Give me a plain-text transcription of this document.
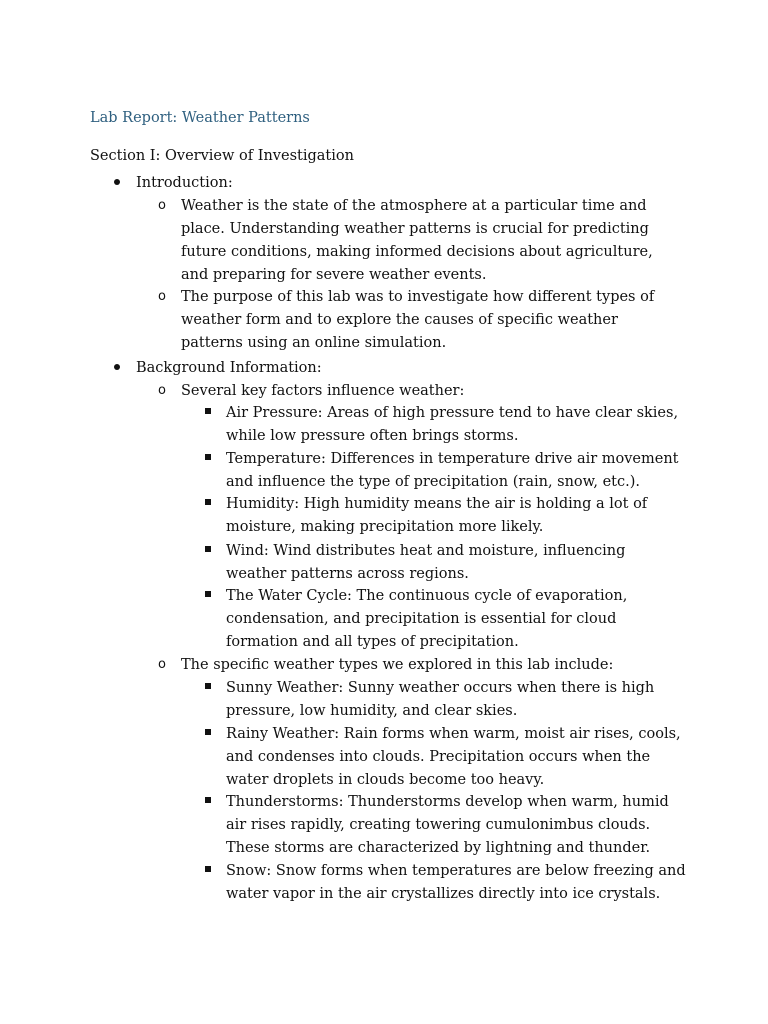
Lab Report: Weather Patterns
Section I: Overview of Investigation
Introduction:
o Weather is the state of the atmosphere at a particular time and place. Understanding weather patterns is crucial for predicting future conditions, making informed decisions about agriculture, and preparing for severe weather events.
o The purpose of this lab was to investigate how different types of weather form and to explore the causes of specific weather patterns using an online simulation.
Background Information:
o Several key factors influence weather:
Air Pressure: Areas of high pressure tend to have clear skies, while low pressure often brings storms.
Temperature: Differences in temperature drive air movement and influence the type of precipitation (rain, snow, etc.).
Humidity: High humidity means the air is holding a lot of moisture, making precipitation more likely.
Wind: Wind distributes heat and moisture, influencing weather patterns across regions.
The Water Cycle: The continuous cycle of evaporation, condensation, and precipitation is essential for cloud formation and all types of precipitation.
o The specific weather types we explored in this lab include:
Sunny Weather: Sunny weather occurs when there is high pressure, low humidity, and clear skies.
Rainy Weather: Rain forms when warm, moist air rises, cools, and condenses into clouds. Precipitation occurs when the water droplets in clouds become too heavy.
Thunderstorms: Thunderstorms develop when warm, humid air rises rapidly, creating towering cumulonimbus clouds. These storms are characterized by lightning and thunder.
Snow: Snow forms when temperatures are below freezing and water vapor in the air crystallizes directly into ice crystals.
